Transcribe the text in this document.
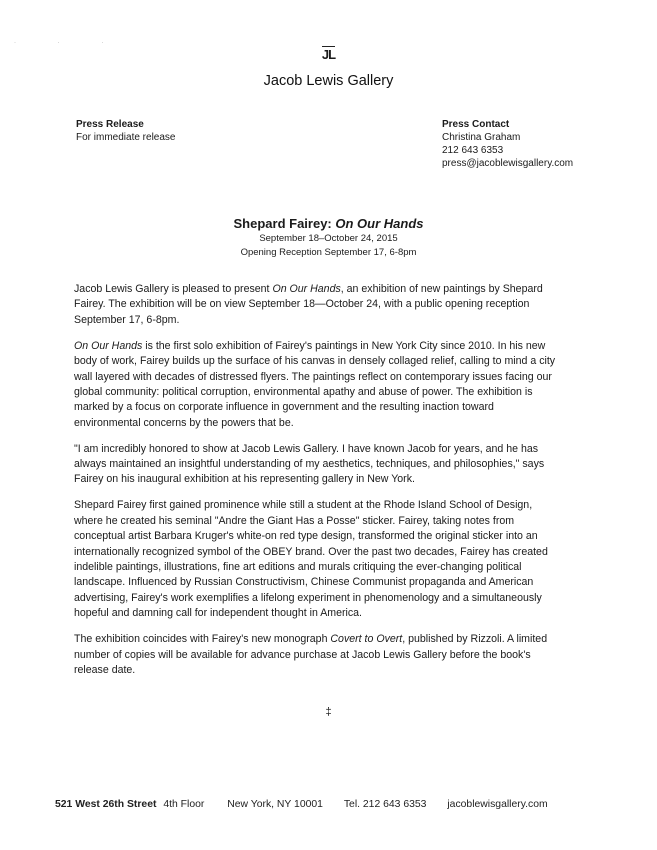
· · ·
JL
Jacob Lewis Gallery
Press Release
For immediate release
Press Contact
Christina Graham
212 643 6353
press@jacoblewisgallery.com
Shepard Fairey: On Our Hands
September 18–October 24, 2015
Opening Reception September 17, 6-8pm

Jacob Lewis Gallery is pleased to present On Our Hands, an exhibition of new paintings by Shepard Fairey. The exhibition will be on view September 18—October 24, with a public opening reception September 17, 6-8pm.

On Our Hands is the first solo exhibition of Fairey's paintings in New York City since 2010. In his new body of work, Fairey builds up the surface of his canvas in densely collaged relief, calling to mind a city wall layered with decades of distressed flyers. The paintings reflect on contemporary issues facing our global community: political corruption, environmental apathy and abuse of power. The exhibition is marked by a focus on corporate influence in government and the resulting inaction toward environmental concerns by the powers that be.

"I am incredibly honored to show at Jacob Lewis Gallery. I have known Jacob for years, and he has always maintained an insightful understanding of my aesthetics, techniques, and philosophies," says Fairey on his inaugural exhibition at his representing gallery in New York.

Shepard Fairey first gained prominence while still a student at the Rhode Island School of Design, where he created his seminal "Andre the Giant Has a Posse" sticker. Fairey, taking notes from conceptual artist Barbara Kruger's white-on red type design, transformed the original sticker into an internationally recognized symbol of the OBEY brand. Over the past two decades, Fairey has created indelible paintings, illustrations, fine art editions and murals critiquing the ever-changing political landscape. Influenced by Russian Constructivism, Chinese Communist propaganda and American advertising, Fairey's work exemplifies a lifelong experiment in phenomenology and a simultaneously hopeful and damning call for independent thought in America.

The exhibition coincides with Fairey's new monograph Covert to Overt, published by Rizzoli. A limited number of copies will be available for advance purchase at Jacob Lewis Gallery before the book's release date.

‡
521 West 26th Street 4th Floor New York, NY 10001 Tel. 212 643 6353 jacoblewisgallery.com
